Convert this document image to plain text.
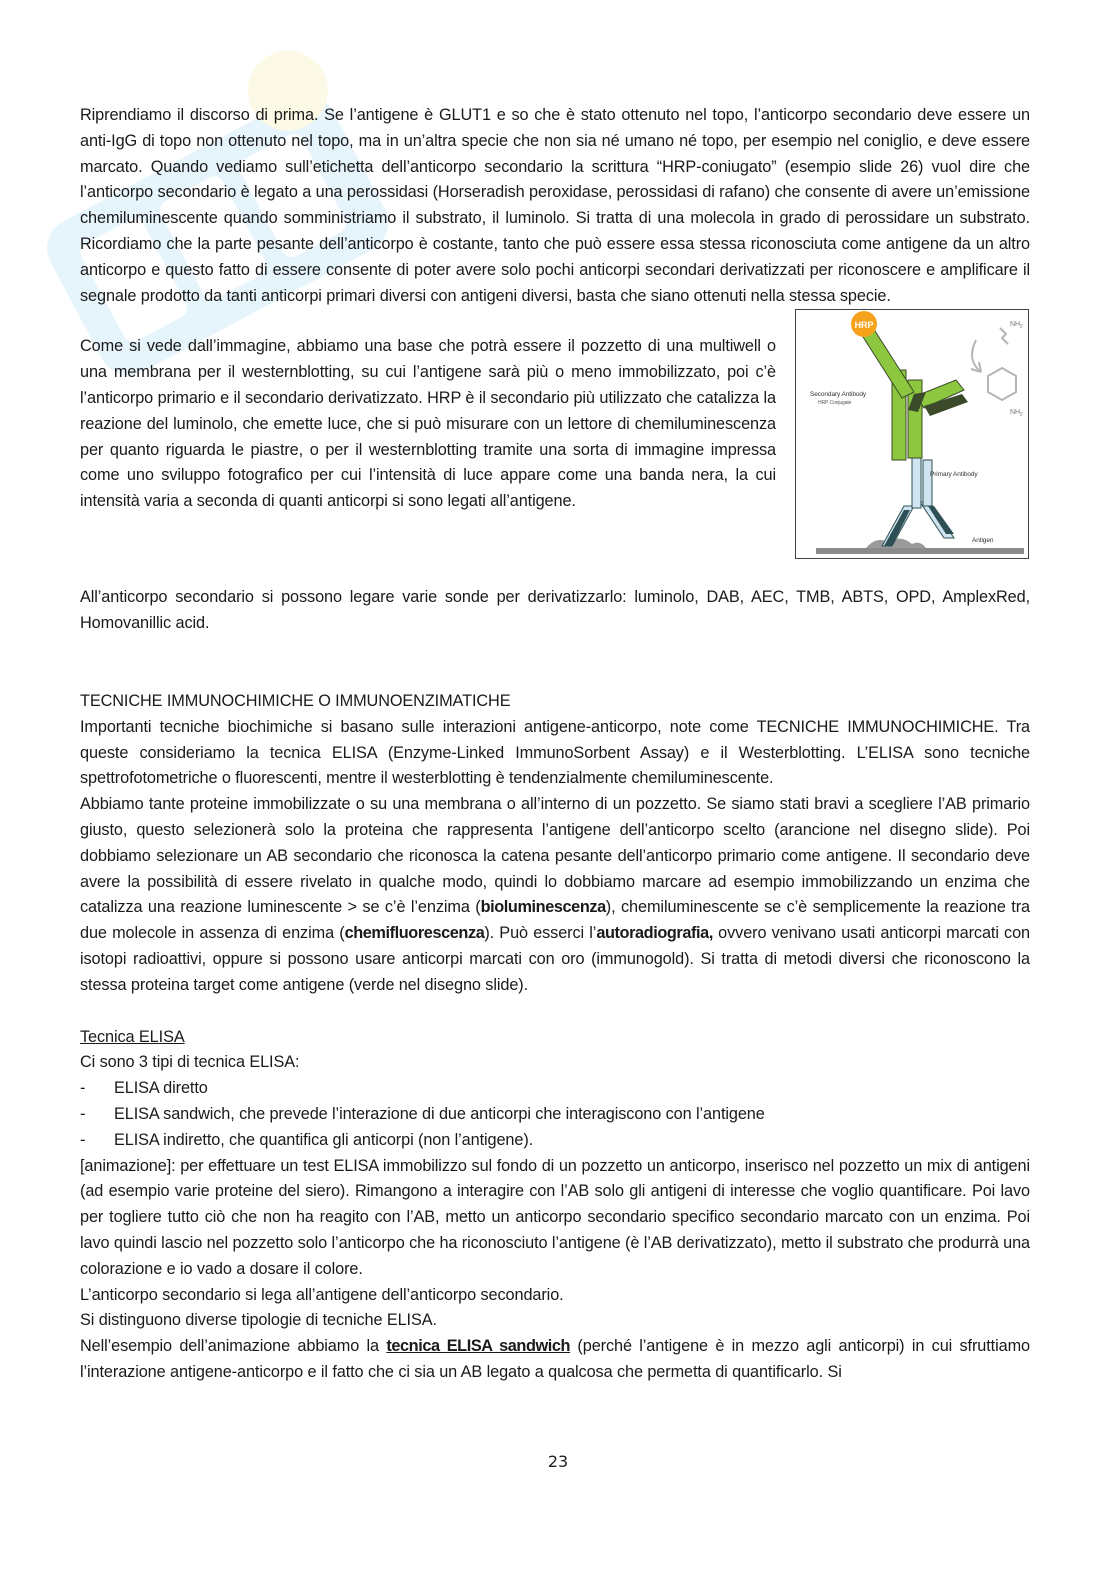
Riprendiamo il discorso di prima. Se l’antigene è GLUT1 e so che è stato ottenuto nel topo, l’anticorpo secondario deve essere un anti-IgG di topo non ottenuto nel topo, ma in un’altra specie che non sia né umano né topo, per esempio nel coniglio, e deve essere marcato. Quando vediamo sull’etichetta dell’anticorpo secondario la scrittura “HRP-coniugato” (esempio slide 26) vuol dire che l’anticorpo secondario è legato a una perossidasi (Horseradish peroxidase, perossidasi di rafano) che consente di avere un’emissione chemiluminescente quando somministriamo il substrato, il luminolo. Si tratta di una molecola in grado di perossidare un substrato. Ricordiamo che la parte pesante dell’anticorpo è costante, tanto che può essere essa stessa riconosciuta come antigene da un altro anticorpo e questo fatto di essere consente di poter avere solo pochi anticorpi secondari derivatizzati per riconoscere e amplificare il segnale prodotto da tanti anticorpi primari diversi con antigeni diversi, basta che siano ottenuti nella stessa specie.

Come si vede dall’immagine, abbiamo una base che potrà essere il pozzetto di una multiwell o una membrana per il westernblotting, su cui l’antigene sarà più o meno immobilizzato, poi c’è l’anticorpo primario e il secondario derivatizzato. HRP è il secondario più utilizzato che catalizza la reazione del luminolo, che emette luce, che si può misurare con un lettore di chemiluminescenza per quanto riguarda le piastre, o per il westernblotting tramite una sorta di immagine impressa come uno sviluppo fotografico per cui l’intensità di luce appare come una banda nera, la cui intensità varia a seconda di quanti anticorpi si sono legati all’antigene.

HRP	$NH_2$
$NH_2$
Secondary Antibody
HRP Conjugate
Primary Antibody
Antigen

All’anticorpo secondario si possono legare varie sonde per derivatizzarlo: luminolo, DAB, AEC, TMB, ABTS, OPD, AmplexRed, Homovanillic acid.

TECNICHE IMMUNOCHIMICHE O IMMUNOENZIMATICHE

Importanti tecniche biochimiche si basano sulle interazioni antigene-anticorpo, note come TECNICHE IMMUNOCHIMICHE. Tra queste consideriamo la tecnica ELISA (Enzyme-Linked ImmunoSorbent Assay) e il Westerblotting. L’ELISA sono tecniche spettrofotometriche o fluorescenti, mentre il westerblotting è tendenzialmente chemiluminescente.

Abbiamo tante proteine immobilizzate o su una membrana o all’interno di un pozzetto. Se siamo stati bravi a scegliere l’AB primario giusto, questo selezionerà solo la proteina che rappresenta l’antigene dell’anticorpo scelto (arancione nel disegno slide). Poi dobbiamo selezionare un AB secondario che riconosca la catena pesante dell’anticorpo primario come antigene. Il secondario deve avere la possibilità di essere rivelato in qualche modo, quindi lo dobbiamo marcare ad esempio immobilizzando un enzima che catalizza una reazione luminescente > se c’è l’enzima (bioluminescenza), chemiluminescente se c’è semplicemente la reazione tra due molecole in assenza di enzima (chemifluorescenza). Può esserci l’autoradiografia, ovvero venivano usati anticorpi marcati con isotopi radioattivi, oppure si possono usare anticorpi marcati con oro (immunogold). Si tratta di metodi diversi che riconoscono la stessa proteina target come antigene (verde nel disegno slide).

Tecnica ELISA

Ci sono 3 tipi di tecnica ELISA:

-	ELISA diretto
-	ELISA sandwich, che prevede l’interazione di due anticorpi che interagiscono con l’antigene
-	ELISA indiretto, che quantifica gli anticorpi (non l’antigene).

[animazione]: per effettuare un test ELISA immobilizzo sul fondo di un pozzetto un anticorpo, inserisco nel pozzetto un mix di antigeni (ad esempio varie proteine del siero). Rimangono a interagire con l’AB solo gli antigeni di interesse che voglio quantificare. Poi lavo per togliere tutto ciò che non ha reagito con l’AB, metto un anticorpo secondario specifico secondario marcato con un enzima. Poi lavo quindi lascio nel pozzetto solo l’anticorpo che ha riconosciuto l’antigene (è l’AB derivatizzato), metto il substrato che produrrà una colorazione e io vado a dosare il colore.

L’anticorpo secondario si lega all’antigene dell’anticorpo secondario.

Si distinguono diverse tipologie di tecniche ELISA.

Nell’esempio dell’animazione abbiamo la tecnica ELISA sandwich (perché l’antigene è in mezzo agli anticorpi) in cui sfruttiamo l’interazione antigene-anticorpo e il fatto che ci sia un AB legato a qualcosa che permetta di quantificarlo. Si

23
